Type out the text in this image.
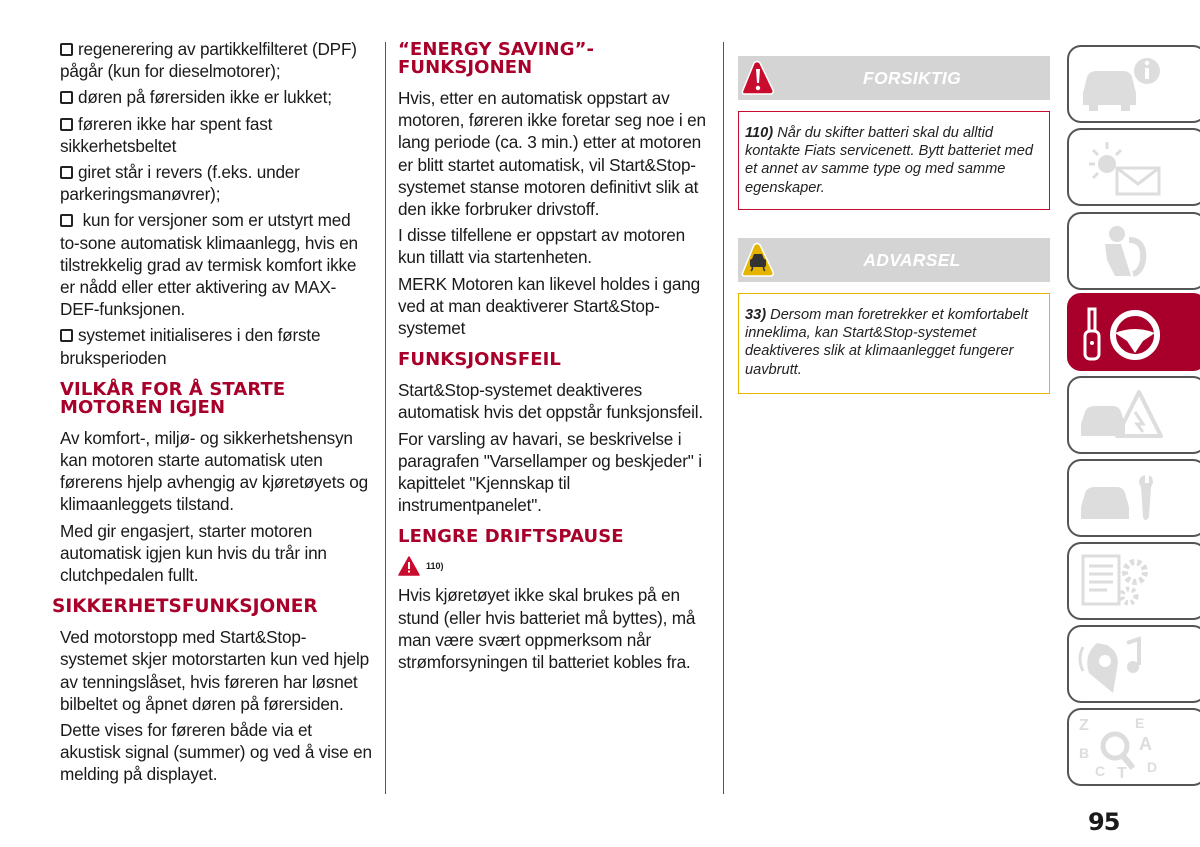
regenerering av partikkelfilteret (DPF) pågår (kun for dieselmotorer);

døren på førersiden ikke er lukket;

føreren ikke har spent fast sikkerhetsbeltet

giret står i revers (f.eks. under parkeringsmanøvrer);

kun for versjoner som er utstyrt med to-sone automatisk klimaanlegg, hvis en tilstrekkelig grad av termisk komfort ikke er nådd eller etter aktivering av MAX-DEF-funksjonen.

systemet initialiseres i den første bruksperioden

VILKÅR FOR Å STARTE MOTOREN IGJEN

Av komfort-, miljø- og sikkerhetshensyn kan motoren starte automatisk uten førerens hjelp avhengig av kjøretøyets og klimaanleggets tilstand.

Med gir engasjert, starter motoren automatisk igjen kun hvis du trår inn clutchpedalen fullt.

SIKKERHETSFUNKSJONER

Ved motorstopp med Start&Stop-systemet skjer motorstarten kun ved hjelp av tenningslåset, hvis føreren har løsnet bilbeltet og åpnet døren på førersiden.

Dette vises for føreren både via et akustisk signal (summer) og ved å vise en melding på displayet.

“ENERGY SAVING”-FUNKSJONEN

Hvis, etter en automatisk oppstart av motoren, føreren ikke foretar seg noe i en lang periode (ca. 3 min.) etter at motoren er blitt startet automatisk, vil Start&Stop-systemet stanse motoren definitivt slik at den ikke forbruker drivstoff.

I disse tilfellene er oppstart av motoren kun tillatt via startenheten.

MERK Motoren kan likevel holdes i gang ved at man deaktiverer Start&Stop-systemet

FUNKSJONSFEIL

Start&Stop-systemet deaktiveres automatisk hvis det oppstår funksjonsfeil.

For varsling av havari, se beskrivelse i paragrafen "Varsellamper og beskjeder" i kapittelet "Kjennskap til instrumentpanelet".

LENGRE DRIFTSPAUSE
110)

Hvis kjøretøyet ikke skal brukes på en stund (eller hvis batteriet må byttes), må man være svært oppmerksom når strømforsyningen til batteriet kobles fra.

FORSIKTIG
110) Når du skifter batteri skal du alltid kontakte Fiats servicenett. Bytt batteriet med et annet av samme type og med samme egenskaper.
ADVARSEL
33) Dersom man foretrekker et komfortabelt inneklima, kan Start&Stop-systemet deaktiveres slik at klimaanlegget fungerer uavbrutt.
Z	E
B	A
C T D
95
